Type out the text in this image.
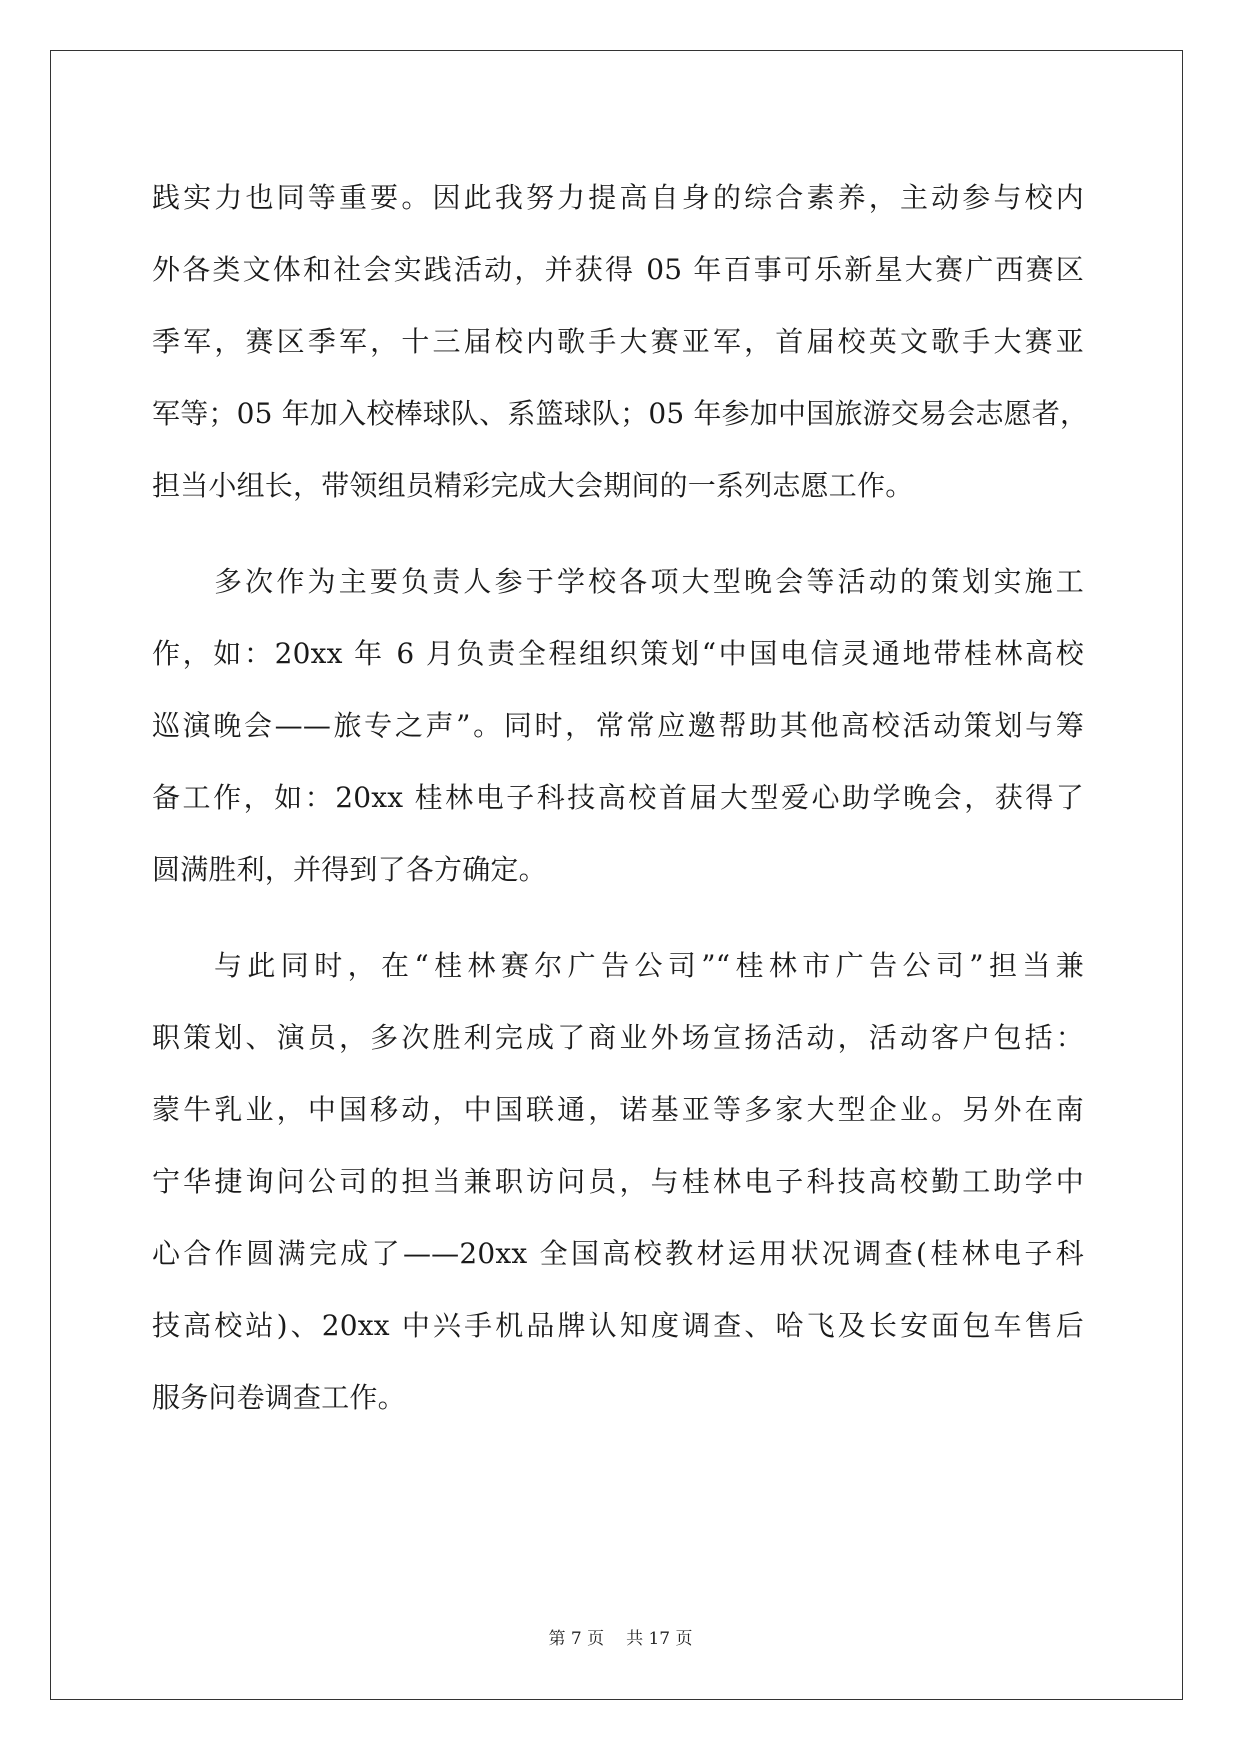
践实力也同等重要。因此我努力提高自身的综合素养，主动参与校内
外各类文体和社会实践活动，并获得 05 年百事可乐新星大赛广西赛区
季军，赛区季军，十三届校内歌手大赛亚军，首届校英文歌手大赛亚
军等；05 年加入校棒球队、系篮球队；05 年参加中国旅游交易会志愿者，
担当小组长，带领组员精彩完成大会期间的一系列志愿工作。
多次作为主要负责人参于学校各项大型晚会等活动的策划实施工
作，如：20xx 年 6 月负责全程组织策划“中国电信灵通地带桂林高校
巡演晚会——旅专之声”。同时，常常应邀帮助其他高校活动策划与筹
备工作，如：20xx 桂林电子科技高校首届大型爱心助学晚会，获得了
圆满胜利，并得到了各方确定。
与此同时，在“桂林赛尔广告公司”“桂林市广告公司”担当兼
职策划、演员，多次胜利完成了商业外场宣扬活动，活动客户包括：
蒙牛乳业，中国移动，中国联通，诺基亚等多家大型企业。另外在南
宁华捷询问公司的担当兼职访问员，与桂林电子科技高校勤工助学中
心合作圆满完成了——20xx 全国高校教材运用状况调查(桂林电子科
技高校站)、20xx 中兴手机品牌认知度调查、哈飞及长安面包车售后
服务问卷调查工作。
第 7 页 共 17 页
